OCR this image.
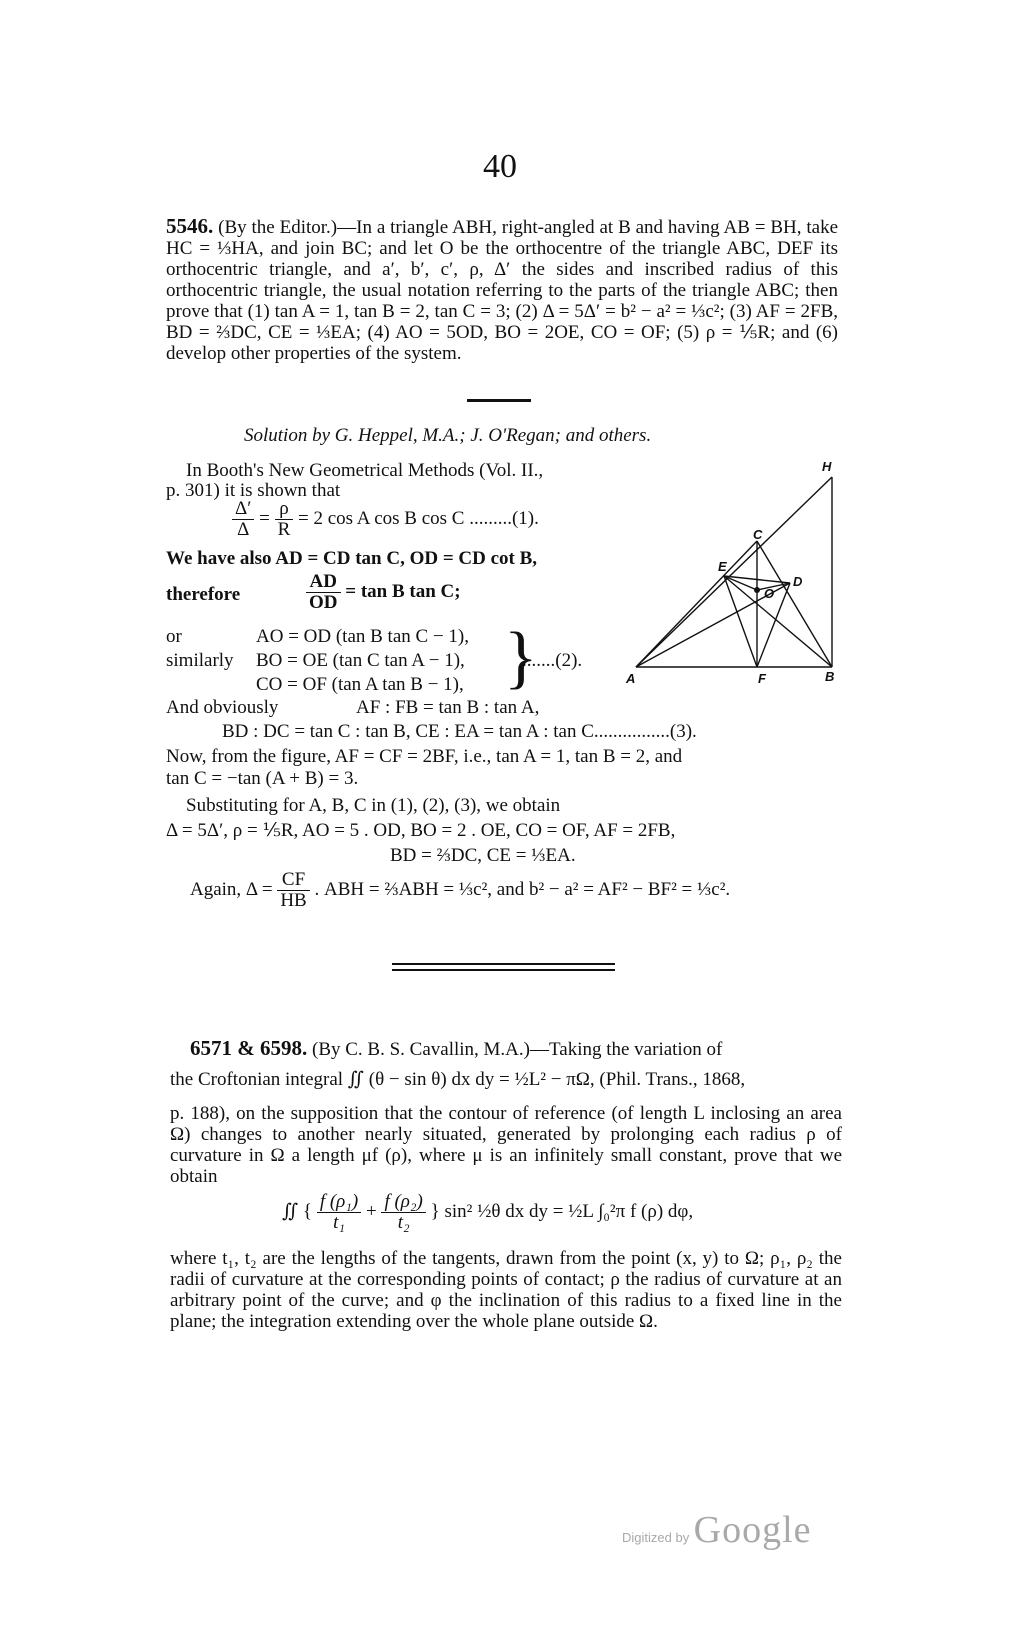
40
5546. (By the Editor.)—In a triangle ABH, right-angled at B and having AB = BH, take HC = ⅓HA, and join BC; and let O be the orthocentre of the triangle ABC, DEF its orthocentric triangle, and a′, b′, c′, ρ, Δ′ the sides and inscribed radius of this orthocentric triangle, the usual notation referring to the parts of the triangle ABC; then prove that (1) tan A = 1, tan B = 2, tan C = 3; (2) Δ = 5Δ′ = b² − a² = ⅓c²; (3) AF = 2FB, BD = ⅔DC, CE = ⅓EA; (4) AO = 5OD, BO = 2OE, CO = OF; (5) ρ = ⅕R; and (6) develop other properties of the system.
Solution by G. Heppel, M.A.; J. O'Regan; and others.
In Booth's New Geometrical Methods (Vol. II.,
p. 301) it is shown that
$\frac{\Delta'}{\Delta} = \frac{\rho}{R} = 2$ cos A cos B cos C .........(1).
We have also AD = CD tan C, OD = CD cot B,
therefore	$\frac{AD}{OD} = \tan B$ tan C;
or
similarly
AO = OD (tan B tan C − 1),
BO = OE (tan C tan A − 1),
CO = OF (tan A tan B − 1), }
.......(2).
And obviously	AF : FB = tan B : tan A,
BD : DC = tan C : tan B, CE : EA = tan A : tan C................(3).
Now, from the figure, AF = CF = 2BF, i.e., tan A = 1, tan B = 2, and
tan C = −tan (A + B) = 3.
Substituting for A, B, C in (1), (2), (3), we obtain
Δ = 5Δ′, ρ = ⅕R, AO = 5 . OD, BO = 2 . OE, CO = OF, AF = 2FB,
BD = ⅔DC, CE = ⅓EA.
Again, $\Delta = \frac{CF}{HB}$ . ABH = ⅔ABH = ⅓c², and b² − a² = AF² − BF² = ⅓c².
H
C
E
O
D
A	F	B
6571 & 6598. (By C. B. S. Cavallin, M.A.)—Taking the variation of
the Croftonian integral ∬ (θ − sin θ) dx dy = ½L² − πΩ, (Phil. Trans., 1868,
p. 188), on the supposition that the contour of reference (of length L inclosing an area Ω) changes to another nearly situated, generated by prolonging each radius ρ of curvature in Ω a length μf (ρ), where μ is an infinitely small constant, prove that we obtain
∬ { $\frac{\text{f (ρ₁)}}{\text{t₁}} + \frac{\text{f (ρ₂)}}{\text{t₂}}$ } sin² ½θ dx dy = ½L ∫₀²π f (ρ) dφ,
where t₁, t₂ are the lengths of the tangents, drawn from the point (x, y) to Ω; ρ₁, ρ₂ the radii of curvature at the corresponding points of contact; ρ the radius of curvature at an arbitrary point of the curve; and φ the inclination of this radius to a fixed line in the plane; the integration extending over the whole plane outside Ω.
Digitized by Google
